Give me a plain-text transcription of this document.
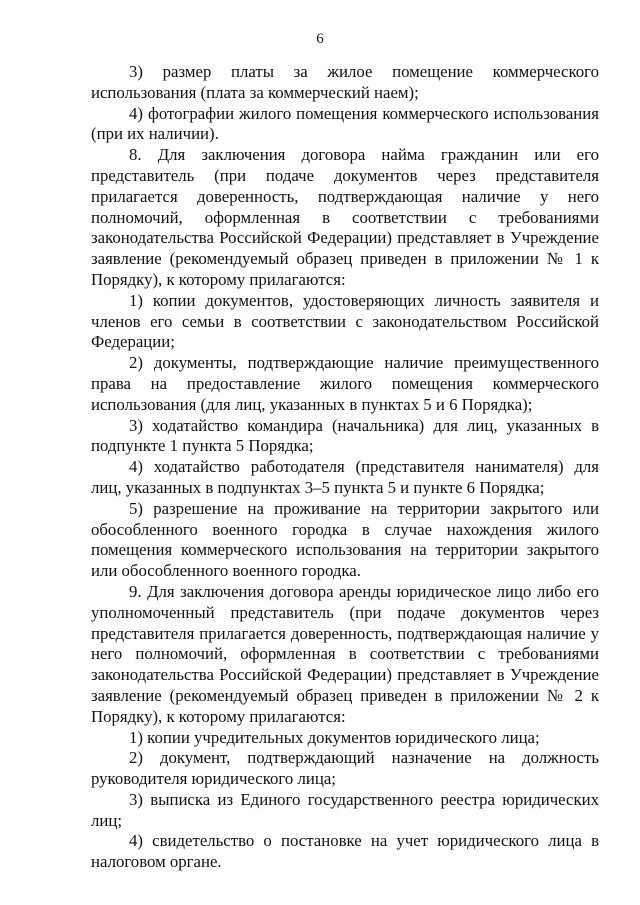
6

3) размер платы за жилое помещение коммерческого использования (плата за коммерческий наем);

4) фотографии жилого помещения коммерческого использования (при их наличии).

8. Для заключения договора найма гражданин или его представитель (при подаче документов через представителя прилагается доверенность, подтверждающая наличие у него полномочий, оформленная в соответствии с требованиями законодательства Российской Федерации) представляет в Учреждение заявление (рекомендуемый образец приведен в приложении № 1 к Порядку), к которому прилагаются:

1) копии документов, удостоверяющих личность заявителя и членов его семьи в соответствии с законодательством Российской Федерации;

2) документы, подтверждающие наличие преимущественного права на предоставление жилого помещения коммерческого использования (для лиц, указанных в пунктах 5 и 6 Порядка);

3) ходатайство командира (начальника) для лиц, указанных в подпункте 1 пункта 5 Порядка;

4) ходатайство работодателя (представителя нанимателя) для лиц, указанных в подпунктах 3–5 пункта 5 и пункте 6 Порядка;

5) разрешение на проживание на территории закрытого или обособленного военного городка в случае нахождения жилого помещения коммерческого использования на территории закрытого или обособленного военного городка.

9. Для заключения договора аренды юридическое лицо либо его уполномоченный представитель (при подаче документов через представителя прилагается доверенность, подтверждающая наличие у него полномочий, оформленная в соответствии с требованиями законодательства Российской Федерации) представляет в Учреждение заявление (рекомендуемый образец приведен в приложении № 2 к Порядку), к которому прилагаются:

1) копии учредительных документов юридического лица;

2) документ, подтверждающий назначение на должность руководителя юридического лица;

3) выписка из Единого государственного реестра юридических лиц;

4) свидетельство о постановке на учет юридического лица в налоговом органе.
